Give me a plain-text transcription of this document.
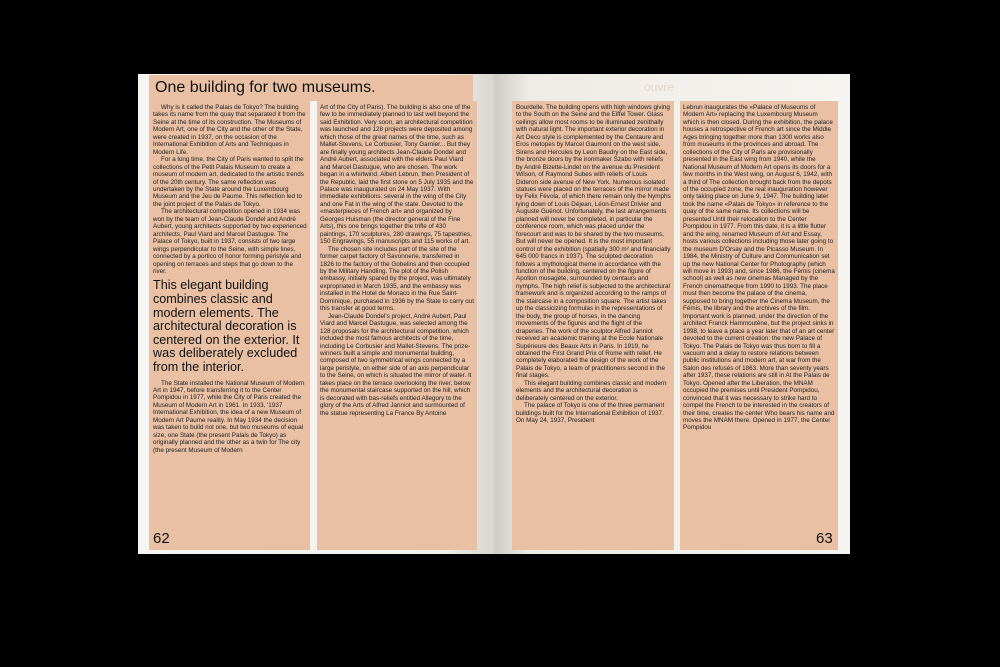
One building for two museums.

Why is it called the Palais de Tokyo? The building takes its name from the quay that separated it from the Seine at the time of its construction. The Museums of Modern Art, one of the City and the other of the State, were created in 1937, on the occasion of the International Exhibition of Arts and Techniques in Modern Life.

For a long time, the City of Paris wanted to split the collections of the Petit Palais Museum to create a museum of modern art, dedicated to the artistic trends of the 20th century. The same reflection was undertaken by the State around the Luxembourg Museum and the Jeu de Paume. This reflection led to the joint project of the Palais de Tokyo.

The architectural competition opened in 1934 was won by the team of Jean-Claude Dondel and André Aubert, young architects supported by two experienced architects, Paul Viard and Marcel Dastugue. The Palace of Tokyo, built in 1937, consists of two large wings perpendicular to the Seine, with simple lines, connected by a portico of honor forming peristyle and opening on terraces and steps that go down to the river.

This elegant building combines classic and modern elements. The architectural decoration is centered on the exterior. It was deliberately excluded from the interior.

The State installed the National Museum of Modern Art in 1947, before transferring it to the Center Pompidou in 1977, while the City of Paris created the Museum of Modern Art in 1961. In 1933, '1937 International Exhibition, the idea of a new Museum of Modern Art Paume reality. In May 1934 the decision was taken to build not one, but two museums of equal size, one State (the present Palais de Tokyo) as originally planned and the other as a twin for The city (the present Museum of Modern

Art of the City of Paris). The building is also one of the few to be immediately planned to last well beyond the said Exhibition. Very soon, an architectural competition was launched and 128 projects were deposited among which those of the great names of the time, such as Mallet-Stevens, Le Corbusier, Tony Garnier... But they are finally young architects Jean-Claude Dondel and André Aubert, associated with the elders Paul Viard and Marcel Dastugue, who are chosen. The work began in a whirlwind, Albert Lebrun, then President of the Republic, laid the first stone on 5 July 1935 and the Palace was inaugurated on 24 May 1937. With immediate exhibitions: several in the wing of the City and one Fat in the wing of the state. Devoted to the «masterpieces of French art» and organized by Georges Huisman (the director general of the Fine Arts), this one brings together the trifle of 430 paintings, 170 sculptures, 280 drawings, 75 tapestries, 150 Engravings, 55 manuscripts and 115 works of art.

The chosen site includes part of the site of the former carpet factory of Savonnerie, transferred in 1826 to the factory of the Gobelins and then occupied by the Military Handling. The plot of the Polish embassy, initially spared by the project, was ultimately expropriated in March 1935, and the embassy was installed in the Hotel de Monaco in the Rue Saint-Dominique, purchased in 1936 by the State to carry out this transfer at good terms.

Jean-Claude Dondel's project, André Aubert, Paul Viard and Marcel Dastugue, was selected among the 128 proposals for the architectural competition, which included the most famous architects of the time, including Le Corbusier and Mallet-Stevens. The prize-winners built a simple and monumental building, composed of two symmetrical wings connected by a large peristyle, on either side of an axis perpendicular to the Seine, on which is situated the mirror of water. It takes place on the terrace overlooking the river, below the monumental staircase supported on the hill, which is decorated with bas-reliefs entitled Allegory to the glory of the Arts of Alfred Janniot and surmounted of the statue representing La France By Antoine

62
ouvre

Bourdelle. The building opens with high windows giving to the South on the Seine and the Eiffel Tower. Glass ceilings allow most rooms to be illuminated zenithally with natural light. The important exterior decoration in Art Deco style is complemented by the Centaure and Eros metopes by Marcel Gaumont on the west side, Sirens and Hercules by Leon Baudry on the East side, the bronze doors by the ironmaker Szabo with reliefs by André Bizette-Lindet on the avenue du President Wilson, of Raymond Subes with reliefs of Louis Dideron side avenue of New York. Numerous isolated statues were placed on the terraces of the mirror made by Felix Févola, of which there remain only the Nymphs lying down of Louis Déjean, Léon-Ernest Drivier and Auguste Guénot. Unfortunately, the last arrangements planned will never be completed, in particular the conference room, which was placed under the forecourt and was to be shared by the two museums, But will never be opened. It is the most important control of the exhibition (spatially 300 m² and financially 645 000 francs in 1937). The sculpted decoration follows a mythological theme in accordance with the function of the building, centered on the figure of Apollon musagète, surrounded by centaurs and nymphs. The high relief is subjected to the architectural framework and is organized according to the ramps of the staircase in a composition square. The artist takes up the classicizing formulas in the representations of the body, the group of horses, in the dancing movements of the figures and the flight of the draperies. The work of the sculptor Alfred Janniot received an academic training at the Ecole Nationale Supérieure des Beaux Arts in Paris. In 1919, he obtained the First Grand Prix of Rome with relief. He completely elaborated the design of the work of the Palais de Tokyo, a team of practitioners second in the final stages.

This elegant building combines classic and modern elements and the architectural decoration is deliberately centered on the exterior.

The palace of Tokyo is one of the three permanent buildings built for the International Exhibition of 1937. On May 24, 1937, President

Lebrun inaugurates the «Palace of Museums of Modern Art» replacing the Luxembourg Museum which is then closed. During the exhibition, the palace houses a retrospective of French art since the Middle Ages bringing together more than 1300 works also from museums in the provinces and abroad. The collections of the City of Paris are provisionally presented in the East wing from 1940, while the National Museum of Modern Art opens its doors for a few months in the West wing, on August 6, 1942, with a third of The collection brought back from the depots of the occupied zone, the real inauguration however only taking place on June 9, 1947. The building later took the name «Palais de Tokyo» in reference to the quay of the same name. Its collections will be presented Until their relocation to the Center Pompidou in 1977. From this date, it is a little flutter and the wing, renamed Museum of Art and Essay, hosts various collections including those later going to the museum D'Orsay and the Picasso Museum. In 1984, the Ministry of Culture and Communication set up the new National Center for Photography (which will move in 1993) and, since 1986, the Fémis (cinema school) as well as new cinemas Managed by the French cinematheque from 1990 to 1993. The place must then become the palace of the cinema, supposed to bring together the Cinema Museum, the Fémis, the library and the archives of the film. Important work is planned, under the direction of the architect Franck Hammoutène, but the project sinks in 1998, to leave a place a year later that of an art center devoted to the current creation: the new Palace of Tokyo. The Palais de Tokyo was thus born to fill a vacuum and a delay to restore relations between public institutions and modern art, at war from the Salon des refusés of 1863. More than seventy years after 1937, these relations are still in At the Palais de Tokyo. Opened after the Liberation, the MNAM occupied the premises until President Pompidou, convinced that it was necessary to strike hard to compel the French to be interested in the creators of their time, creates the center Who bears his name and moves the MNAM there. Opened in 1977, the Center Pompidou

63
